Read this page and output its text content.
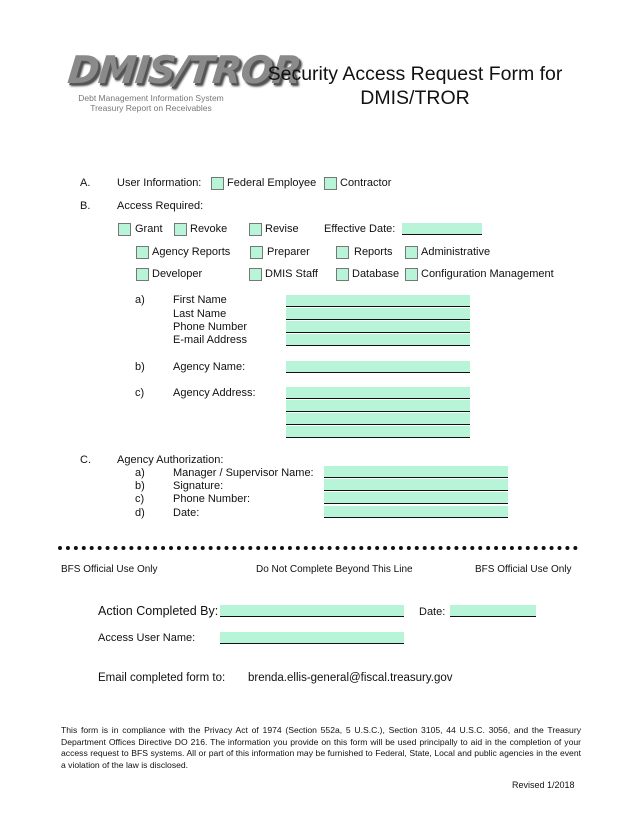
DMIS/TROR
Debt Management Information System
Treasury Report on Receivables
Security Access Request Form for
DMIS/TROR
A. User Information: Federal Employee Contractor
B. Access Required:
Grant Revoke	Revise Effective Date:
Agency Reports	Preparer	Reports	Administrative
Developer	DMIS Staff	Database Configuration Management
a)	First Name
Last Name
Phone Number
E-mail Address
b)	Agency Name:
c)	Agency Address:
C. Agency Authorization:
a)	Manager / Supervisor Name:
b)	Signature:
c)	Phone Number:
d)	Date:
BFS Official Use Only	Do Not Complete Beyond This Line	BFS Official Use Only
Action Completed By:	Date:
Access User Name:
Email completed form to: brenda.ellis-general@fiscal.treasury.gov
This form is in compliance with the Privacy Act of 1974 (Section 552a, 5 U.S.C.), Section 3105, 44 U.S.C. 3056, and the Treasury Department Offices Directive DO 216. The information you provide on this form will be used principally to aid in the completion of your access request to BFS systems. All or part of this information may be furnished to Federal, State, Local and public agencies in the event a violation of the law is disclosed.
Revised 1/2018
